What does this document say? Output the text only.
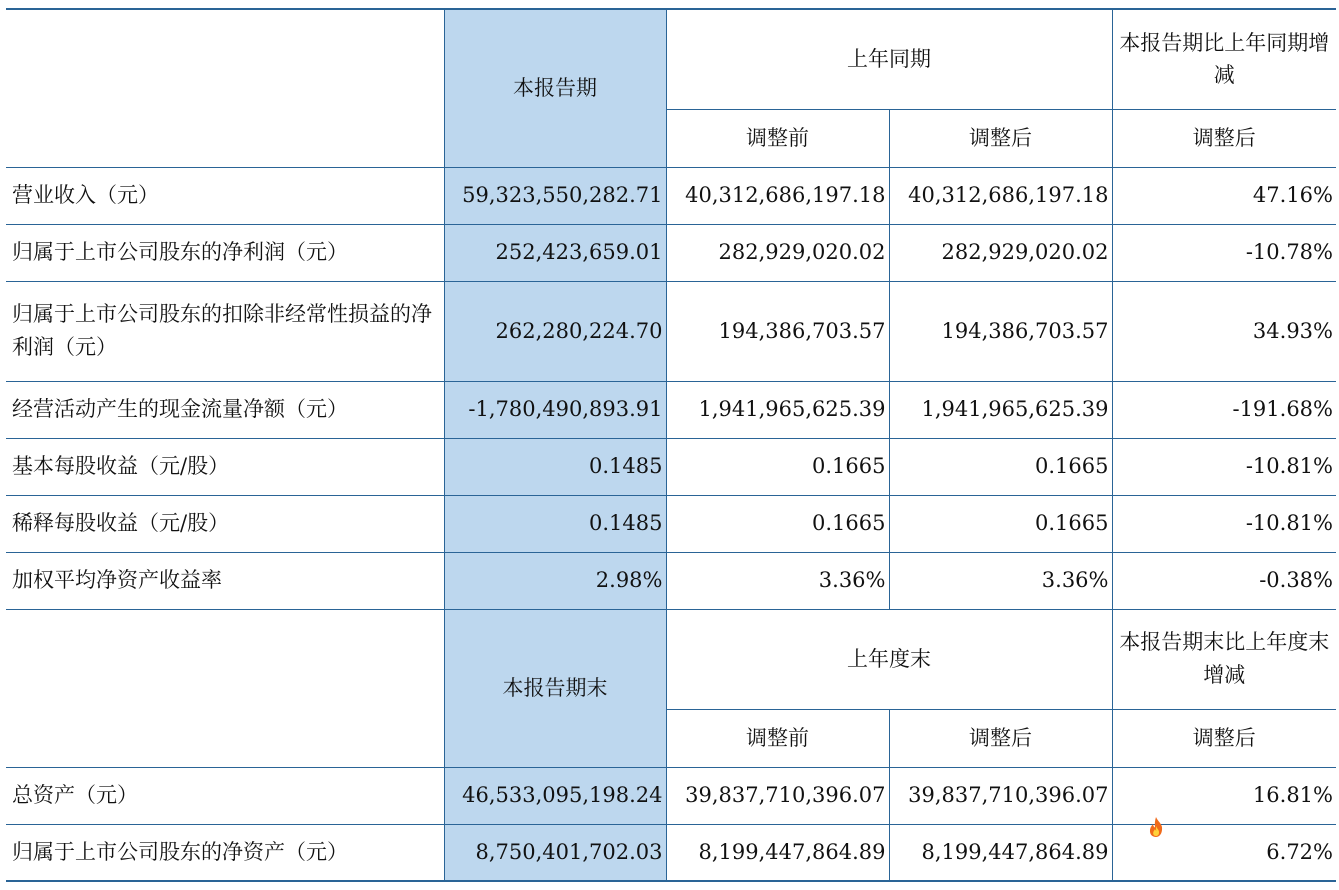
	本报告期	上年同期		本报告期比上年同期增减
		调整前	调整后	调整后
营业收入（元）	59,323,550,282.71	40,312,686,197.18	40,312,686,197.18	47.16%
归属于上市公司股东的净利润（元）	252,423,659.01	282,929,020.02	282,929,020.02	-10.78%
归属于上市公司股东的扣除非经常性损益的净利润（元）	262,280,224.70	194,386,703.57	194,386,703.57	34.93%
经营活动产生的现金流量净额（元）	-1,780,490,893.91	1,941,965,625.39	1,941,965,625.39	-191.68%
基本每股收益（元/股）	0.1485	0.1665	0.1665	-10.81%
稀释每股收益（元/股）	0.1485	0.1665	0.1665	-10.81%
加权平均净资产收益率	2.98%	3.36%	3.36%	-0.38%
	本报告期末	上年度末		本报告期末比上年度末增减
		调整前	调整后	调整后
总资产（元）	46,533,095,198.24	39,837,710,396.07	39,837,710,396.07	16.81%
归属于上市公司股东的净资产（元）	8,750,401,702.03	8,199,447,864.89	8,199,447,864.89	6.72%
